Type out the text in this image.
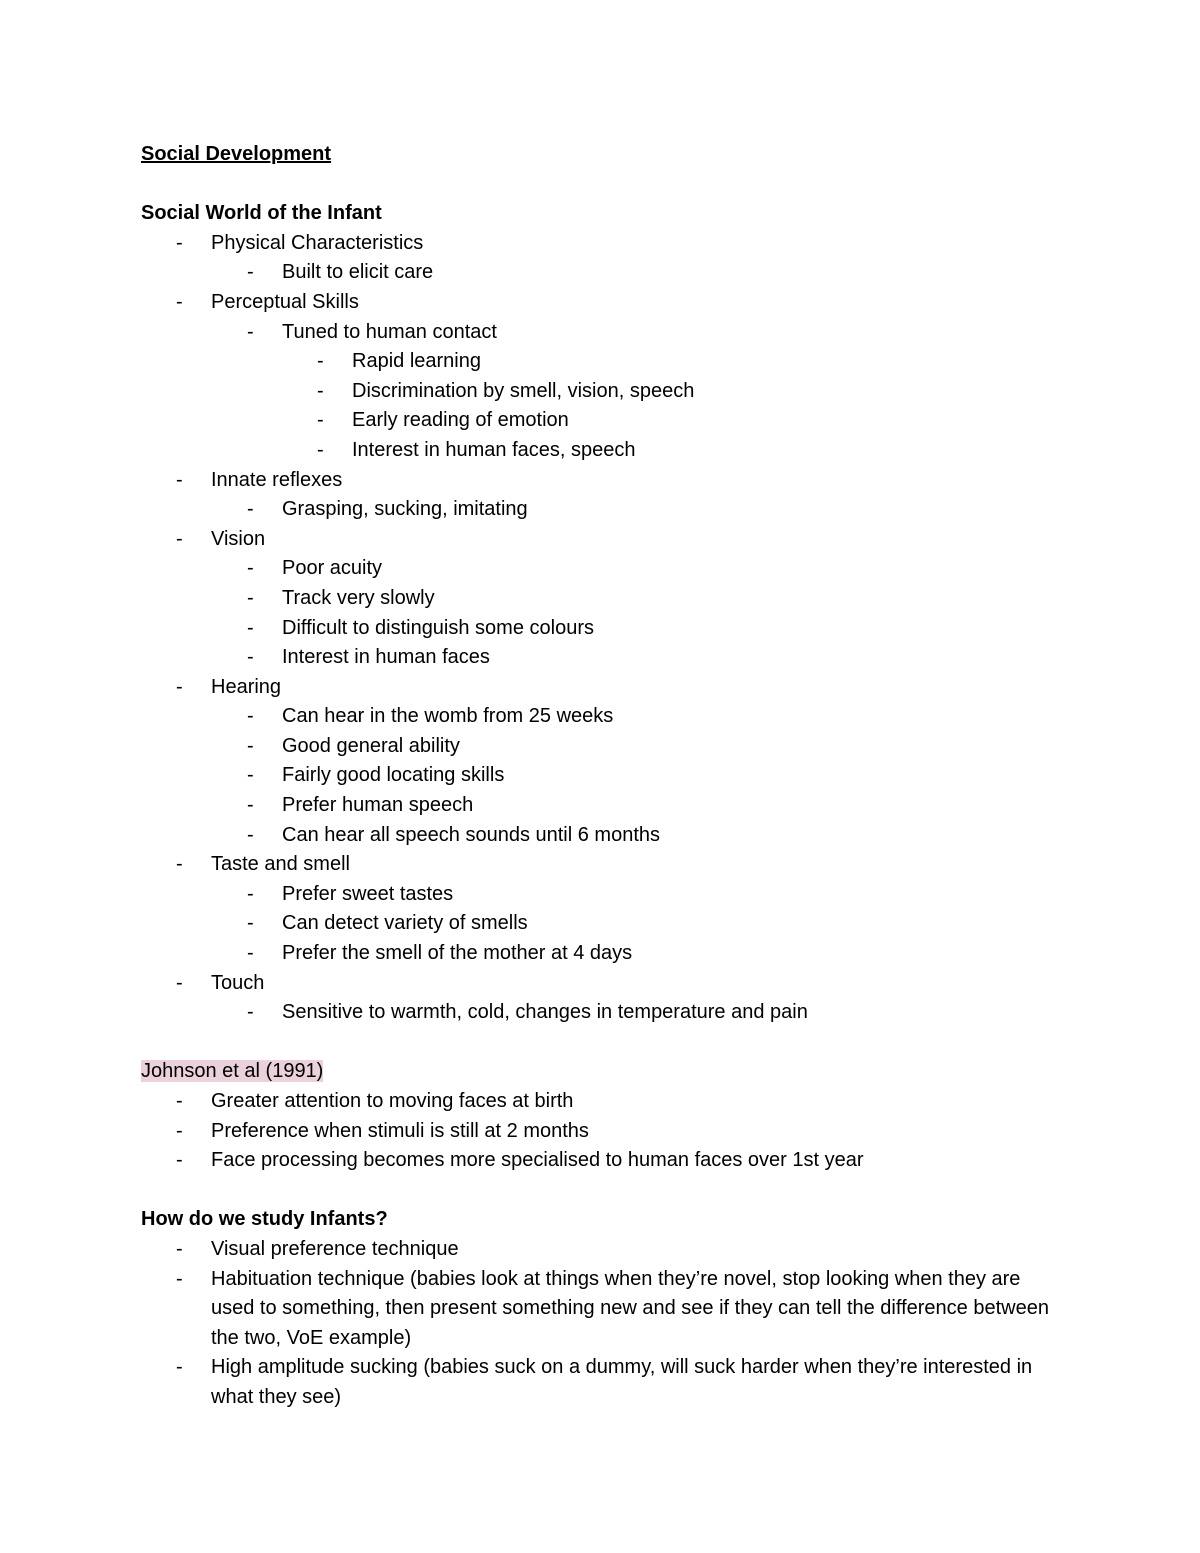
Social Development
Social World of the Infant
- Physical Characteristics
- Built to elicit care
- Perceptual Skills
- Tuned to human contact
- Rapid learning
- Discrimination by smell, vision, speech
- Early reading of emotion
- Interest in human faces, speech
- Innate reflexes
- Grasping, sucking, imitating
- Vision
- Poor acuity
- Track very slowly
- Difficult to distinguish some colours
- Interest in human faces
- Hearing
- Can hear in the womb from 25 weeks
- Good general ability
- Fairly good locating skills
- Prefer human speech
- Can hear all speech sounds until 6 months
- Taste and smell
- Prefer sweet tastes
- Can detect variety of smells
- Prefer the smell of the mother at 4 days
- Touch
- Sensitive to warmth, cold, changes in temperature and pain
Johnson et al (1991)
- Greater attention to moving faces at birth
- Preference when stimuli is still at 2 months
- Face processing becomes more specialised to human faces over 1st year
How do we study Infants?
- Visual preference technique
- Habituation technique (babies look at things when they’re novel, stop looking when they are used to something, then present something new and see if they can tell the difference between the two, VoE example)
- High amplitude sucking (babies suck on a dummy, will suck harder when they’re interested in what they see)
